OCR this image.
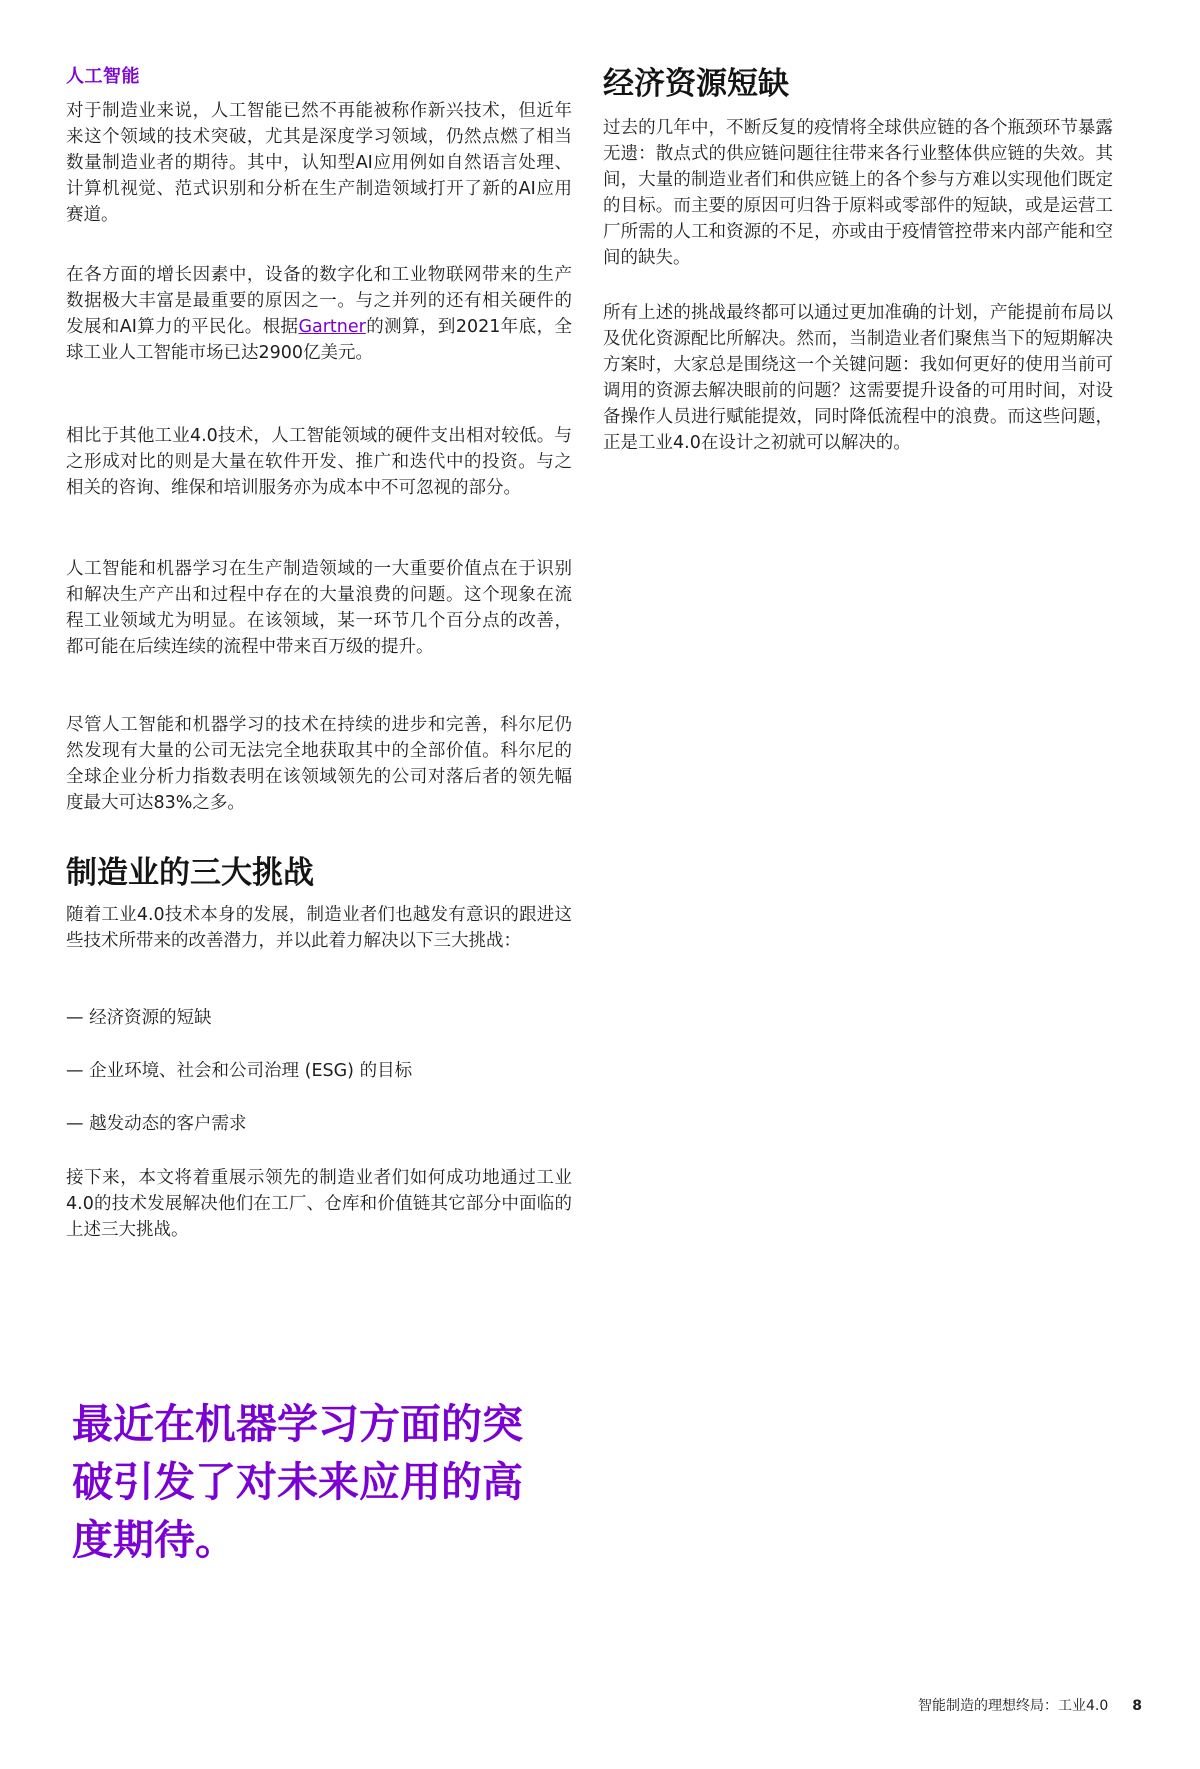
人工智能

对于制造业来说，人工智能已然不再能被称作新兴技术，但近年来这个领域的技术突破，尤其是深度学习领域，仍然点燃了相当数量制造业者的期待。其中，认知型AI应用例如自然语言处理、计算机视觉、范式识别和分析在生产制造领域打开了新的AI应用赛道。

在各方面的增长因素中，设备的数字化和工业物联网带来的生产数据极大丰富是最重要的原因之一。与之并列的还有相关硬件的发展和AI算力的平民化。根据Gartner的测算，到2021年底，全球工业人工智能市场已达2900亿美元。

相比于其他工业4.0技术，人工智能领域的硬件支出相对较低。与之形成对比的则是大量在软件开发、推广和迭代中的投资。与之相关的咨询、维保和培训服务亦为成本中不可忽视的部分。

人工智能和机器学习在生产制造领域的一大重要价值点在于识别和解决生产产出和过程中存在的大量浪费的问题。这个现象在流程工业领域尤为明显。在该领域，某一环节几个百分点的改善，都可能在后续连续的流程中带来百万级的提升。

尽管人工智能和机器学习的技术在持续的进步和完善，科尔尼仍然发现有大量的公司无法完全地获取其中的全部价值。科尔尼的全球企业分析力指数表明在该领域领先的公司对落后者的领先幅度最大可达83%之多。

制造业的三大挑战

随着工业4.0技术本身的发展，制造业者们也越发有意识的跟进这些技术所带来的改善潜力，并以此着力解决以下三大挑战：

— 经济资源的短缺

— 企业环境、社会和公司治理 (ESG) 的目标

— 越发动态的客户需求

接下来，本文将着重展示领先的制造业者们如何成功地通过工业4.0的技术发展解决他们在工厂、仓库和价值链其它部分中面临的上述三大挑战。

经济资源短缺

过去的几年中，不断反复的疫情将全球供应链的各个瓶颈环节暴露无遗：散点式的供应链问题往往带来各行业整体供应链的失效。其间，大量的制造业者们和供应链上的各个参与方难以实现他们既定的目标。而主要的原因可归咎于原料或零部件的短缺，或是运营工厂所需的人工和资源的不足，亦或由于疫情管控带来内部产能和空间的缺失。

所有上述的挑战最终都可以通过更加准确的计划，产能提前布局以及优化资源配比所解决。然而，当制造业者们聚焦当下的短期解决方案时，大家总是围绕这一个关键问题：我如何更好的使用当前可调用的资源去解决眼前的问题？这需要提升设备的可用时间，对设备操作人员进行赋能提效，同时降低流程中的浪费。而这些问题，正是工业4.0在设计之初就可以解决的。

最近在机器学习方面的突破引发了对未来应用的高度期待。

智能制造的理想终局：工业4.0 8
